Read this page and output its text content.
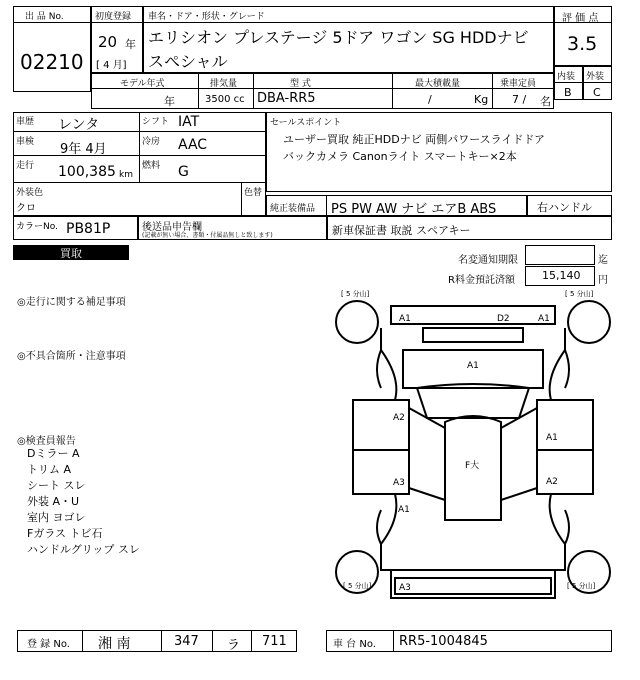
出 品 No.
02210
初度登録
20 年
[ 4 月]
車名・ドア・形状・グレード
エリシオン プレステージ 5ドア ワゴン SG HDDナビ
スペシャル
評 価 点
3.5
内装 外装
B C
モデル年式
年
排気量
3500 cc
型 式
DBA-RR5
最大積載量
/	Kg
乗車定員
7 / 名
車歴 レンタ	シフト IAT
車検 9年 4月	冷房 AAC
走行 100,385 km
燃料 G
外装色
クロ
色替
カラーNo. PB81P	後送品申告欄
(記載が無い場合、書類・付属品無しと致します)
セールスポイント
ユーザー買取 純正HDDナビ 両側パワースライドドア
バックカメラ Canonライト スマートキー×2本
純正装備品 PS PW AW ナビ エアB ABS	右ハンドル
新車保証書 取説 スペアキー
買取
名変通知期限	迄
R料金預託済額 15,140 円
◎走行に関する補足事項
◎不具合箇所・注意事項
◎検査員報告
Dミラー A
トリム A
シート スレ
外装 A・U
室内 ヨゴレ
Fガラス トビ石
ハンドルグリップ スレ
[ 5 分山]	[ 5 分山]
[ 5 分山]	[ 5 分山]
A1	D2	A1
A1
A2
A1
F大
A3	A2
A1
A3
登 録 No. 湘 南	347 ラ 711	車 台 No. RR5-1004845
